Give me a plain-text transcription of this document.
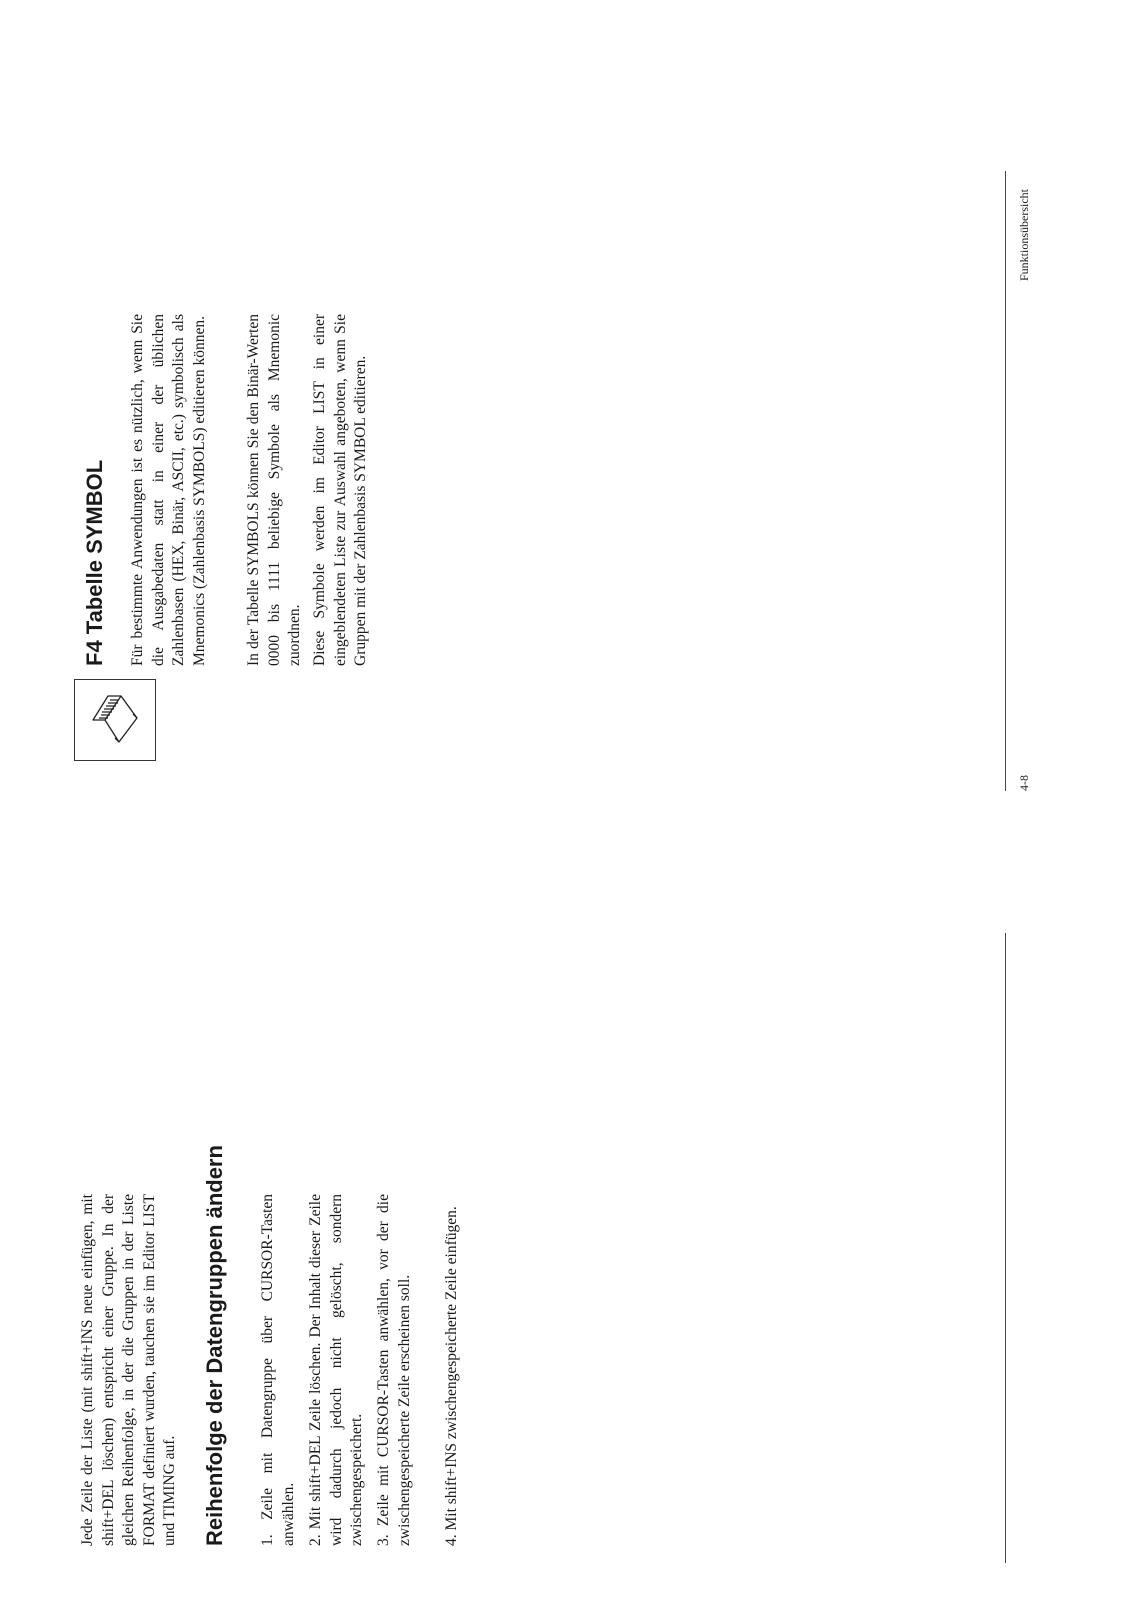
Jede Zeile der Liste (mit shift+INS neue einfügen, mit shift+DEL löschen) entspricht einer Gruppe. In der gleichen Reihenfolge, in der die Gruppen in der Liste FORMAT definiert wurden, tauchen sie im Editor LIST und TIMING auf. Reihenfolge der Datengruppen ändern 1. Zeile mit Datengruppe über CURSOR-Tasten anwählen. 2. Mit shift+DEL Zeile löschen. Der Inhalt dieser Zeile wird dadurch jedoch nicht gelöscht, sondern zwischengespeichert. 3. Zeile mit CURSOR-Tasten anwählen, vor der die zwischengespeicherte Zeile erscheinen soll. 4. Mit shift+INS zwischengespeicherte Zeile einfügen.

F4 Tabelle SYMBOL Für bestimmte Anwendungen ist es nützlich, wenn Sie die Ausgabedaten statt in einer der üblichen Zahlenbasen (HEX, Binär, ASCII, etc.) symbolisch als Mnemonics (Zahlenbasis SYMBOLS) editieren können. In der Tabelle SYMBOLS können Sie den Binär-Werten 0000 bis 1111 beliebige Symbole als Mnemonic zuordnen. Diese Symbole werden im Editor LIST in einer eingeblendeten Liste zur Auswahl angeboten, wenn Sie Gruppen mit der Zahlenbasis SYMBOL editieren.

4-8

Funktionsübersicht
